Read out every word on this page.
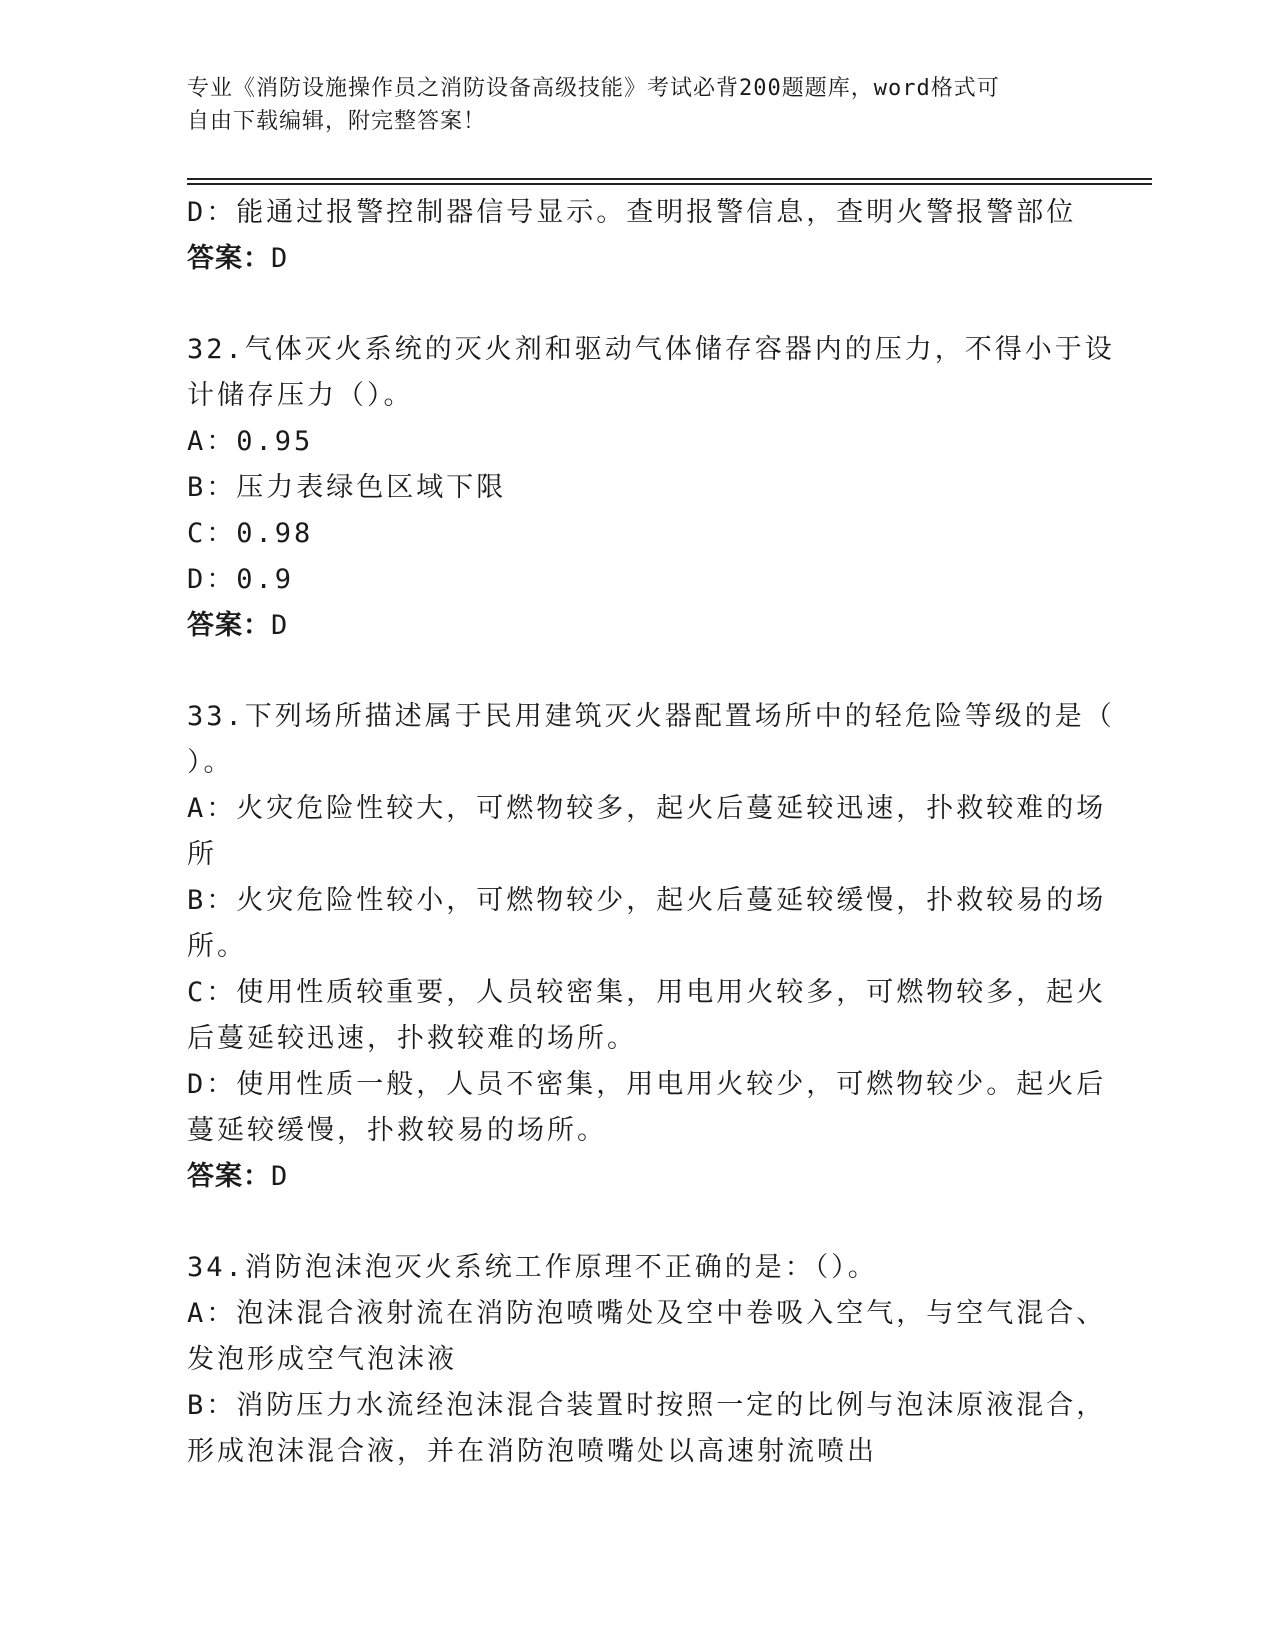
专业《消防设施操作员之消防设备高级技能》考试必背200题题库，word格式可
自由下载编辑，附完整答案！
D：能通过报警控制器信号显示。查明报警信息，查明火警报警部位
答案：D
32.气体灭火系统的灭火剂和驱动气体储存容器内的压力，不得小于设
计储存压力（）。
A：0.95
B：压力表绿色区域下限
C：0.98
D：0.9
答案：D
33.下列场所描述属于民用建筑灭火器配置场所中的轻危险等级的是（
）。
A：火灾危险性较大，可燃物较多，起火后蔓延较迅速，扑救较难的场
所
B：火灾危险性较小，可燃物较少，起火后蔓延较缓慢，扑救较易的场
所。
C：使用性质较重要，人员较密集，用电用火较多，可燃物较多，起火
后蔓延较迅速，扑救较难的场所。
D：使用性质一般，人员不密集，用电用火较少，可燃物较少。起火后
蔓延较缓慢，扑救较易的场所。
答案：D
34.消防泡沫泡灭火系统工作原理不正确的是：（）。
A：泡沫混合液射流在消防泡喷嘴处及空中卷吸入空气，与空气混合、
发泡形成空气泡沫液
B：消防压力水流经泡沫混合装置时按照一定的比例与泡沫原液混合，
形成泡沫混合液，并在消防泡喷嘴处以高速射流喷出
